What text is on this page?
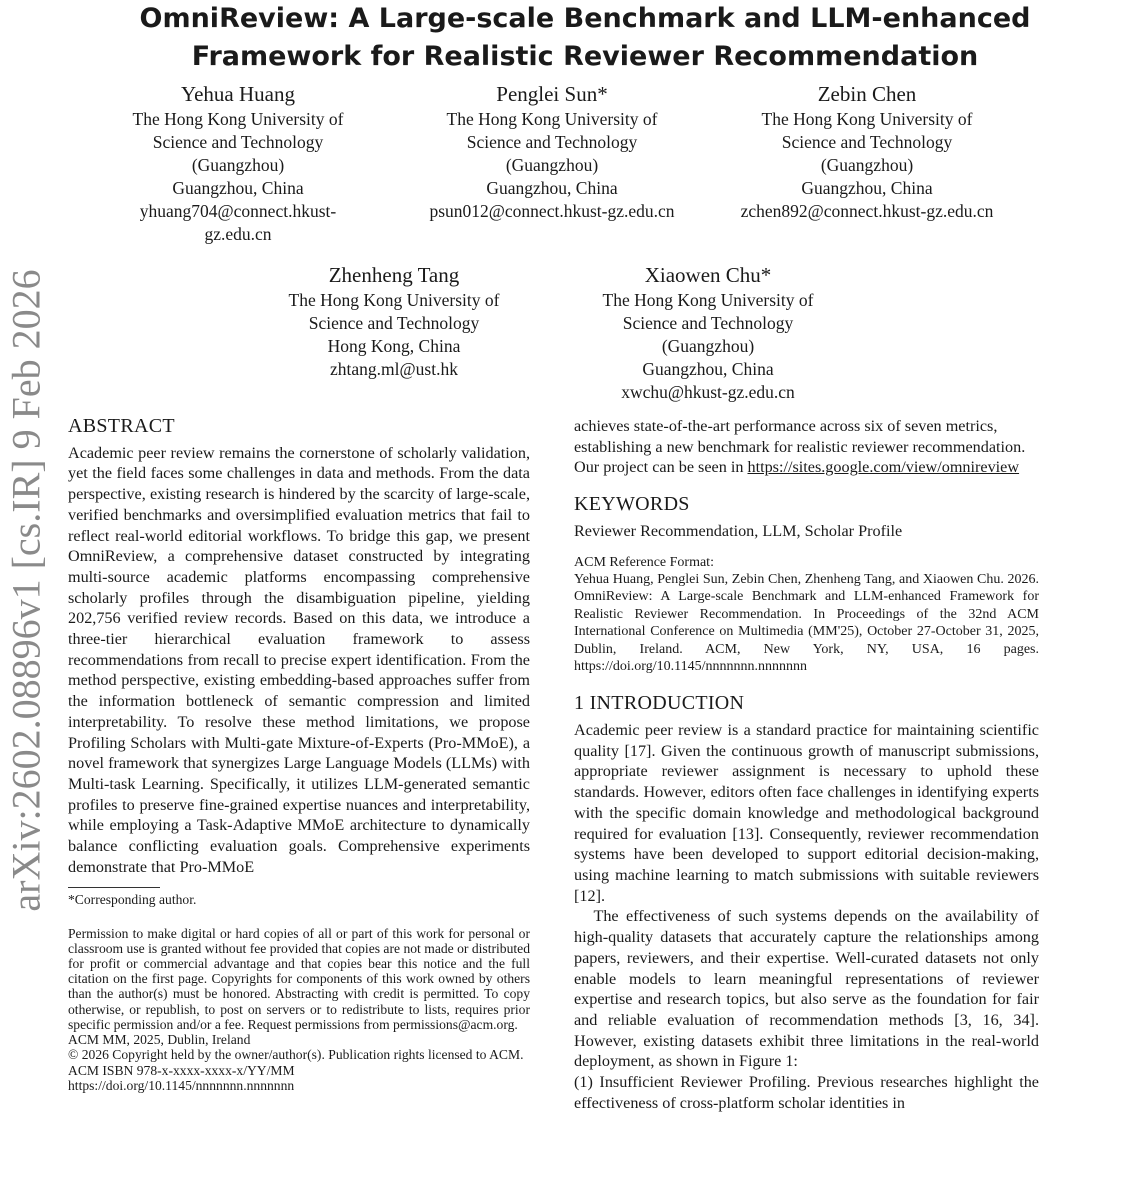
arXiv:2602.08896v1 [cs.IR] 9 Feb 2026
OmniReview: A Large-scale Benchmark and LLM-enhanced
Framework for Realistic Reviewer Recommendation
Yehua Huang
The Hong Kong University of
Science and Technology
(Guangzhou)
Guangzhou, China
yhuang704@connect.hkust-
gz.edu.cn
Penglei Sun*
The Hong Kong University of
Science and Technology
(Guangzhou)
Guangzhou, China
psun012@connect.hkust-gz.edu.cn
Zebin Chen
The Hong Kong University of
Science and Technology
(Guangzhou)
Guangzhou, China
zchen892@connect.hkust-gz.edu.cn
Zhenheng Tang
The Hong Kong University of
Science and Technology
Hong Kong, China
zhtang.ml@ust.hk
Xiaowen Chu*
The Hong Kong University of
Science and Technology
(Guangzhou)
Guangzhou, China
xwchu@hkust-gz.edu.cn
ABSTRACT

Academic peer review remains the cornerstone of scholarly validation, yet the field faces some challenges in data and methods. From the data perspective, existing research is hindered by the scarcity of large-scale, verified benchmarks and oversimplified evaluation metrics that fail to reflect real-world editorial workflows. To bridge this gap, we present OmniReview, a comprehensive dataset constructed by integrating multi-source academic platforms encompassing comprehensive scholarly profiles through the disambiguation pipeline, yielding 202,756 verified review records. Based on this data, we introduce a three-tier hierarchical evaluation framework to assess recommendations from recall to precise expert identification. From the method perspective, existing embedding-based approaches suffer from the information bottleneck of semantic compression and limited interpretability. To resolve these method limitations, we propose Profiling Scholars with Multi-gate Mixture-of-Experts (Pro-MMoE), a novel framework that synergizes Large Language Models (LLMs) with Multi-task Learning. Specifically, it utilizes LLM-generated semantic profiles to preserve fine-grained expertise nuances and interpretability, while employing a Task-Adaptive MMoE architecture to dynamically balance conflicting evaluation goals. Comprehensive experiments demonstrate that Pro-MMoE

*Corresponding author.

Permission to make digital or hard copies of all or part of this work for personal or classroom use is granted without fee provided that copies are not made or distributed for profit or commercial advantage and that copies bear this notice and the full citation on the first page. Copyrights for components of this work owned by others than the author(s) must be honored. Abstracting with credit is permitted. To copy otherwise, or republish, to post on servers or to redistribute to lists, requires prior specific permission and/or a fee. Request permissions from permissions@acm.org.

ACM MM, 2025, Dublin, Ireland

© 2026 Copyright held by the owner/author(s). Publication rights licensed to ACM.

ACM ISBN 978-x-xxxx-xxxx-x/YY/MM

https://doi.org/10.1145/nnnnnnn.nnnnnnn

achieves state-of-the-art performance across six of seven metrics, establishing a new benchmark for realistic reviewer recommendation. Our project can be seen in https://sites.google.com/view/omnireview

KEYWORDS

Reviewer Recommendation, LLM, Scholar Profile

ACM Reference Format:

Yehua Huang, Penglei Sun, Zebin Chen, Zhenheng Tang, and Xiaowen Chu. 2026. OmniReview: A Large-scale Benchmark and LLM-enhanced Framework for Realistic Reviewer Recommendation. In Proceedings of the 32nd ACM International Conference on Multimedia (MM'25), October 27-October 31, 2025, Dublin, Ireland. ACM, New York, NY, USA, 16 pages. https://doi.org/10.1145/nnnnnnn.nnnnnnn

1 INTRODUCTION

Academic peer review is a standard practice for maintaining scientific quality [17]. Given the continuous growth of manuscript submissions, appropriate reviewer assignment is necessary to uphold these standards. However, editors often face challenges in identifying experts with the specific domain knowledge and methodological background required for evaluation [13]. Consequently, reviewer recommendation systems have been developed to support editorial decision-making, using machine learning to match submissions with suitable reviewers [12].

The effectiveness of such systems depends on the availability of high-quality datasets that accurately capture the relationships among papers, reviewers, and their expertise. Well-curated datasets not only enable models to learn meaningful representations of reviewer expertise and research topics, but also serve as the foundation for fair and reliable evaluation of recommendation methods [3, 16, 34]. However, existing datasets exhibit three limitations in the real-world deployment, as shown in Figure 1:

(1) Insufficient Reviewer Profiling. Previous researches highlight the effectiveness of cross-platform scholar identities in
